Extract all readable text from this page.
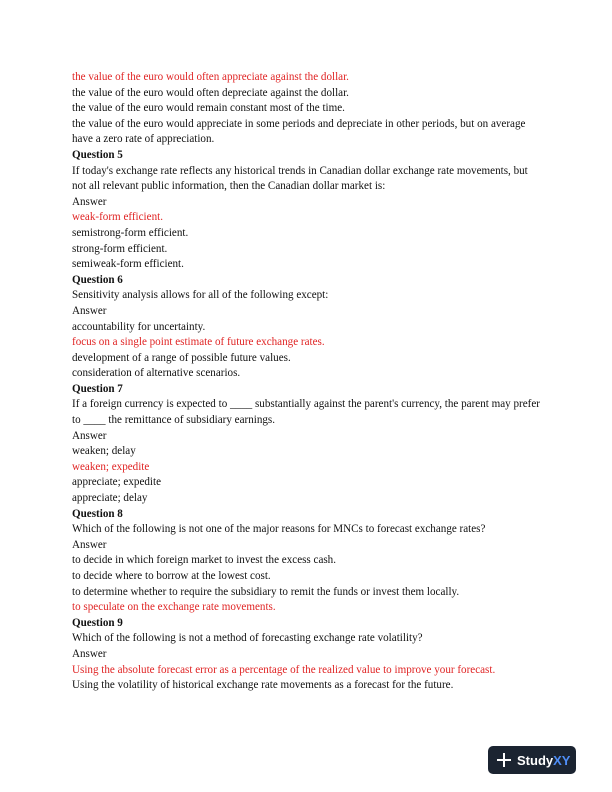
the value of the euro would often appreciate against the dollar.
the value of the euro would often depreciate against the dollar.
the value of the euro would remain constant most of the time.
the value of the euro would appreciate in some periods and depreciate in other periods, but on average have a zero rate of appreciation.
Question 5
If today's exchange rate reflects any historical trends in Canadian dollar exchange rate movements, but not all relevant public information, then the Canadian dollar market is:
Answer
weak-form efficient.
semistrong-form efficient.
strong-form efficient.
semiweak-form efficient.
Question 6
Sensitivity analysis allows for all of the following except:
Answer
accountability for uncertainty.
focus on a single point estimate of future exchange rates.
development of a range of possible future values.
consideration of alternative scenarios.
Question 7
If a foreign currency is expected to ____ substantially against the parent's currency, the parent may prefer to ____ the remittance of subsidiary earnings.
Answer
weaken; delay
weaken; expedite
appreciate; expedite
appreciate; delay
Question 8
Which of the following is not one of the major reasons for MNCs to forecast exchange rates?
Answer
to decide in which foreign market to invest the excess cash.
to decide where to borrow at the lowest cost.
to determine whether to require the subsidiary to remit the funds or invest them locally.
to speculate on the exchange rate movements.
Question 9
Which of the following is not a method of forecasting exchange rate volatility?
Answer
Using the absolute forecast error as a percentage of the realized value to improve your forecast.
Using the volatility of historical exchange rate movements as a forecast for the future.
StudyXY
